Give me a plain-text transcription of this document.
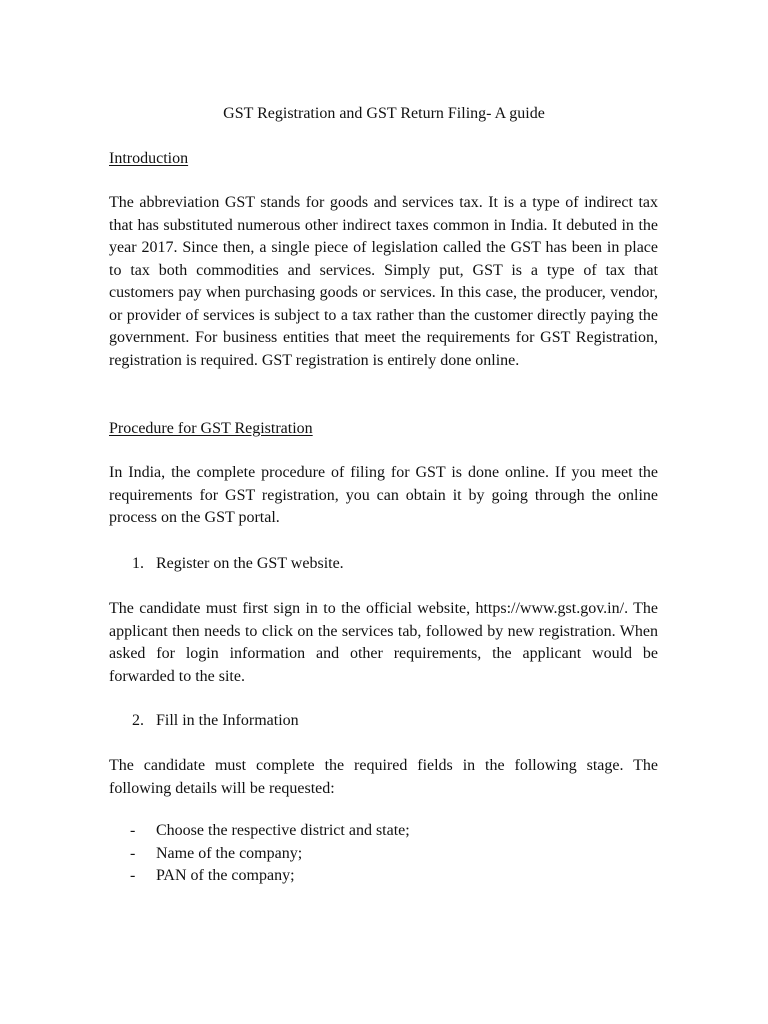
GST Registration and GST Return Filing- A guide
Introduction

The abbreviation GST stands for goods and services tax. It is a type of indirect tax that has substituted numerous other indirect taxes common in India. It debuted in the year 2017. Since then, a single piece of legislation called the GST has been in place to tax both commodities and services. Simply put, GST is a type of tax that customers pay when purchasing goods or services. In this case, the producer, vendor, or provider of services is subject to a tax rather than the customer directly paying the government. For business entities that meet the requirements for GST Registration, registration is required. GST registration is entirely done online.

Procedure for GST Registration

In India, the complete procedure of filing for GST is done online. If you meet the requirements for GST registration, you can obtain it by going through the online process on the GST portal.

1. Register on the GST website.

The candidate must first sign in to the official website, https://www.gst.gov.in/. The applicant then needs to click on the services tab, followed by new registration. When asked for login information and other requirements, the applicant would be forwarded to the site.

2. Fill in the Information

The candidate must complete the required fields in the following stage. The following details will be requested:

-	Choose the respective district and state;
-	Name of the company;
-	PAN of the company;
